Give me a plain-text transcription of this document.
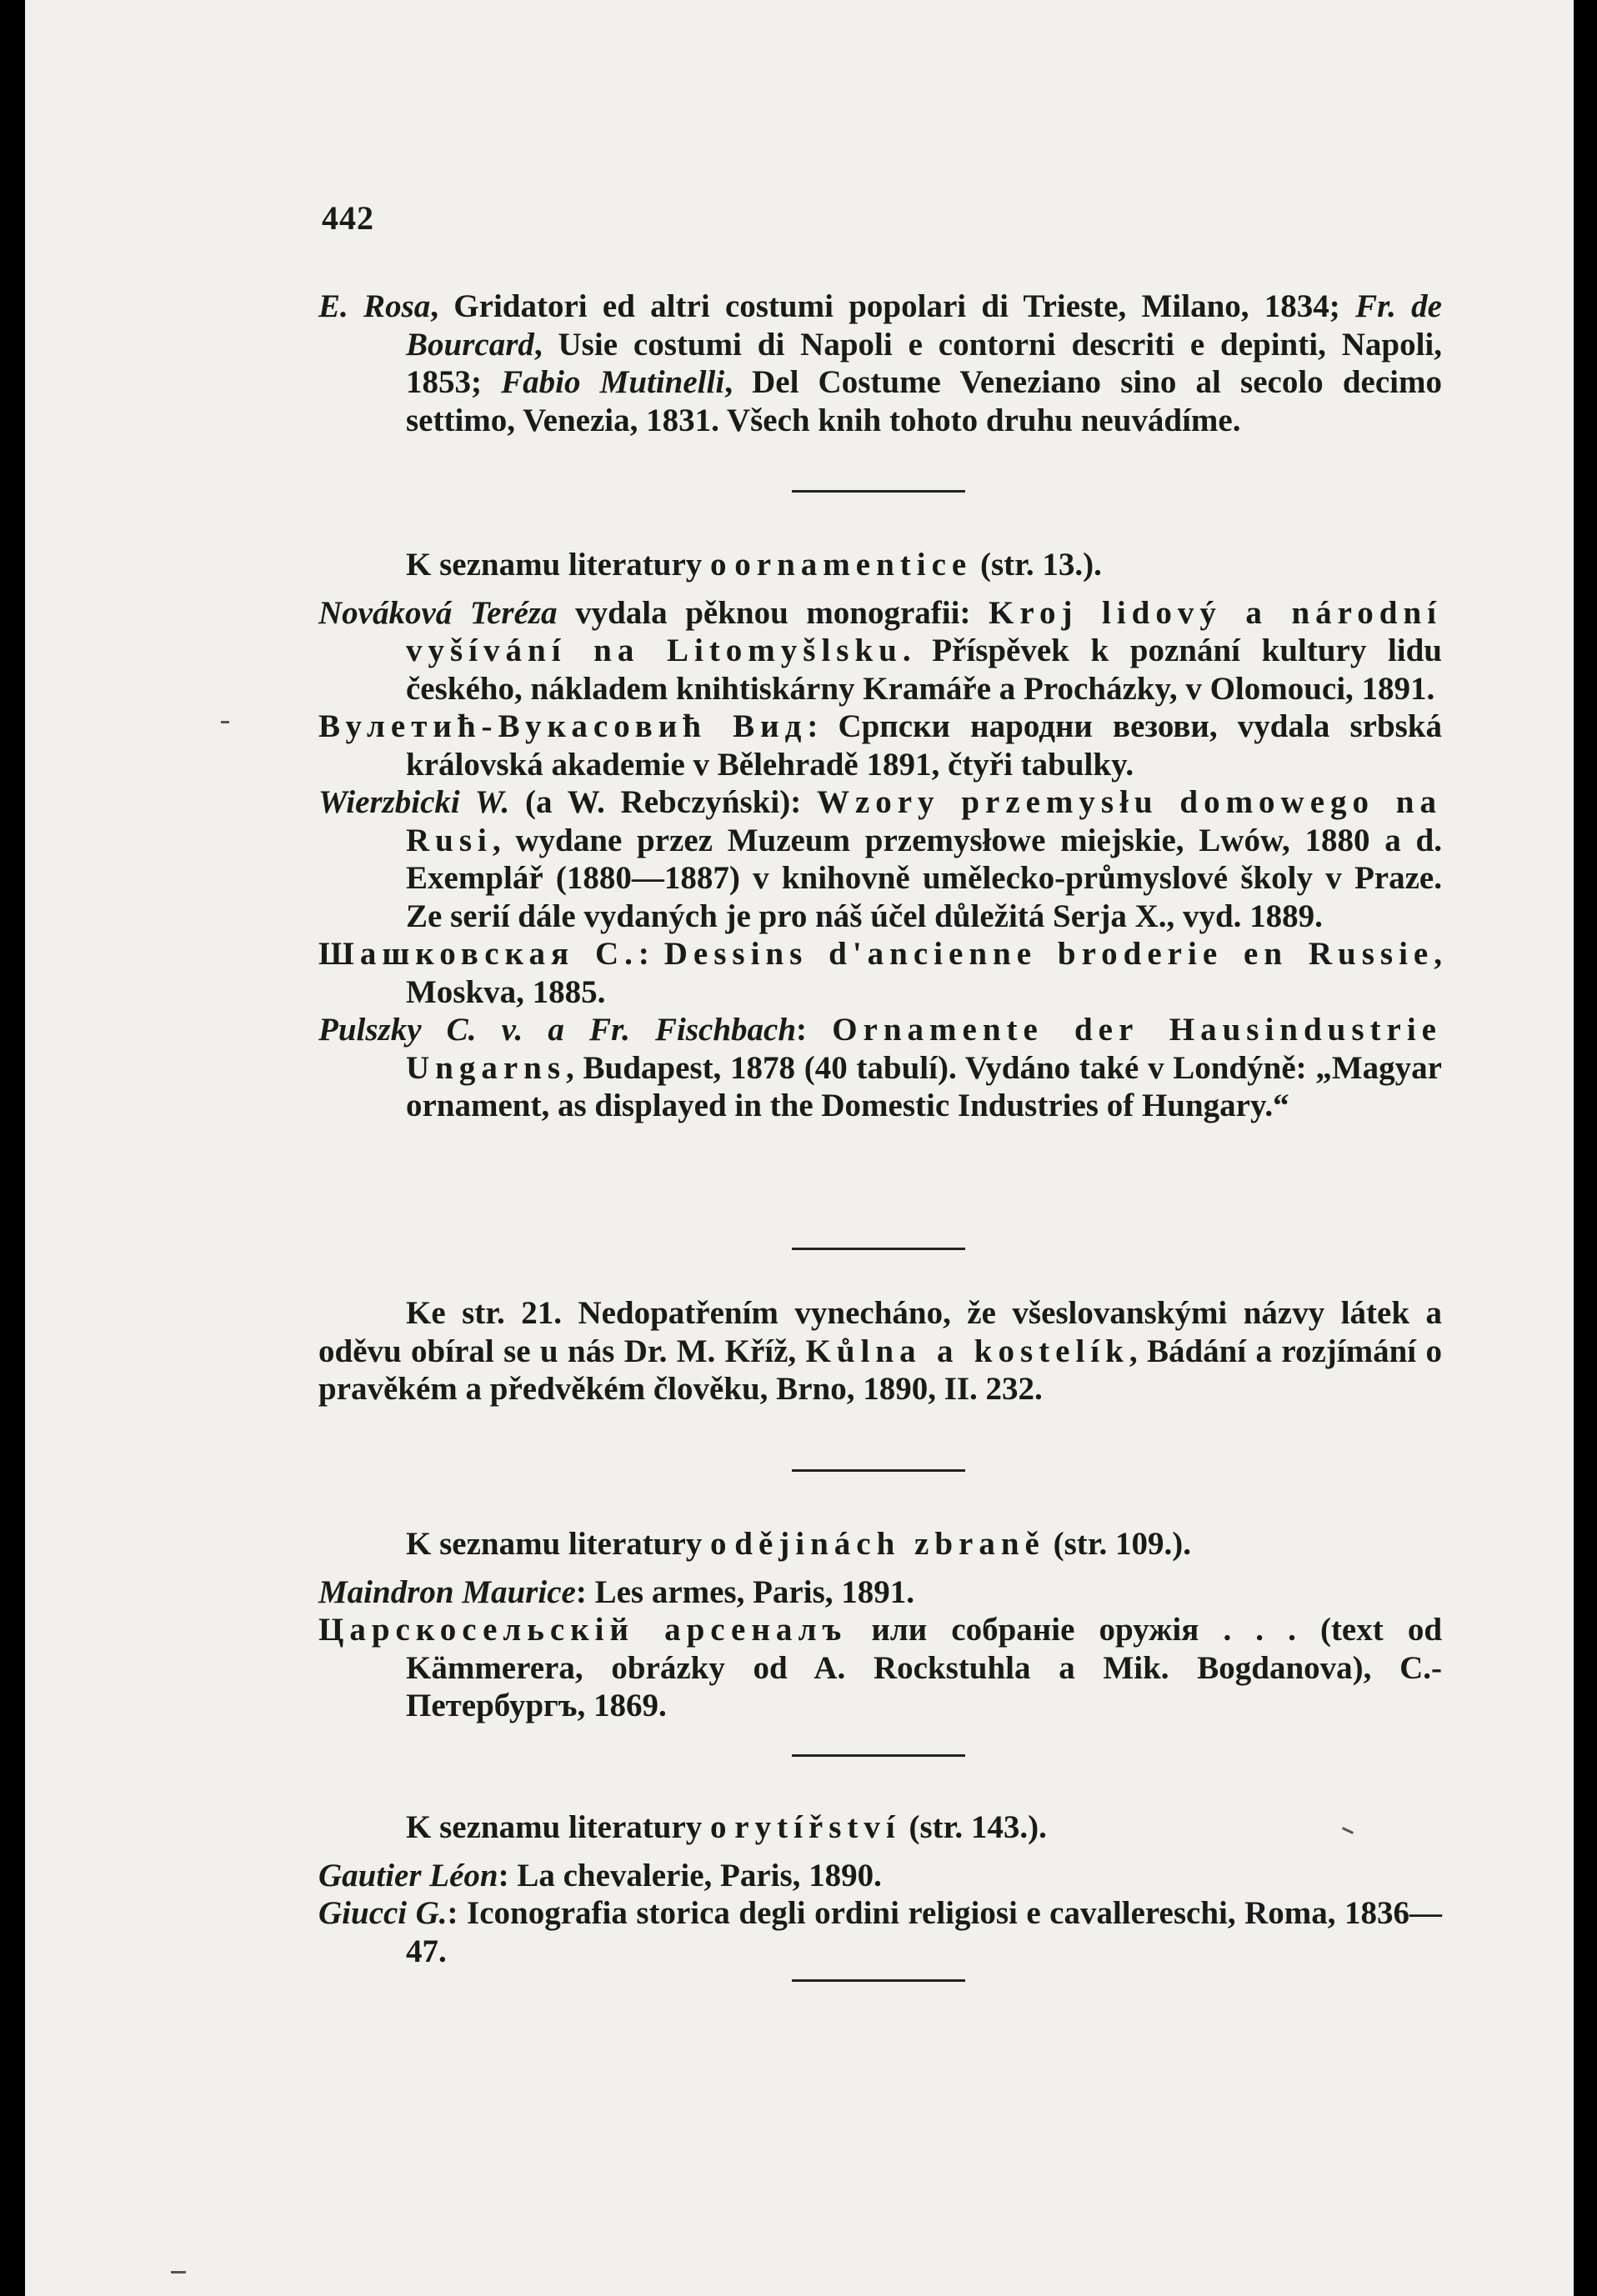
442

E. Rosa, Gridatori ed altri costumi popolari di Trieste, Milano, 1834; Fr. de Bourcard, Usie costumi di Napoli e contorni descriti e depinti, Napoli, 1853; Fabio Mutinelli, Del Costume Veneziano sino al secolo decimo settimo, Venezia, 1831. Všech knih tohoto druhu neuvádíme.

K seznamu literatury o ornamentice (str. 13.).

Nováková Teréza vydala pěknou monografii: Kroj lidový a národní vyšívání na Litomyšlsku. Příspěvek k poznání kultury lidu českého, nákladem knihtiskárny Kramáře a Procházky, v Olomouci, 1891.

Вулетић-Вукасовић Вид: Српски народни везови, vydala srbská královská akademie v Bělehradě 1891, čtyři tabulky.

Wierzbicki W. (a W. Rebczyński): Wzory przemysłu domowego na Rusi, wydane przez Muzeum przemysłowe miejskie, Lwów, 1880 a d. Exemplář (1880—1887) v knihovně umělecko-průmyslové školy v Praze. Ze serií dále vydaných je pro náš účel důležitá Serja X., vyd. 1889.

Шашковская С.: Dessins d'ancienne broderie en Russie, Moskva, 1885.

Pulszky C. v. a Fr. Fischbach: Ornamente der Hausindustrie Ungarns, Budapest, 1878 (40 tabulí). Vydáno také v Londýně: „Magyar ornament, as displayed in the Domestic Industries of Hungary.“

Ke str. 21. Nedopatřením vynecháno, že všeslovanskými názvy látek a oděvu obíral se u nás Dr. M. Kříž, Kůlna a kostelík, Bádání a rozjímání o pravěkém a předvěkém člověku, Brno, 1890, II. 232.

K seznamu literatury o dějinách zbraně (str. 109.).

Maindron Maurice: Les armes, Paris, 1891.

Царскосельскій арсеналъ или собраніе оружія . . . (text od Kämmerera, obrázky od A. Rockstuhla a Mik. Bogdanova), С.-Петербургъ, 1869.

K seznamu literatury o rytířství (str. 143.).

Gautier Léon: La chevalerie, Paris, 1890.

Giucci G.: Iconografia storica degli ordini religiosi e cavallereschi, Roma, 1836—47.
